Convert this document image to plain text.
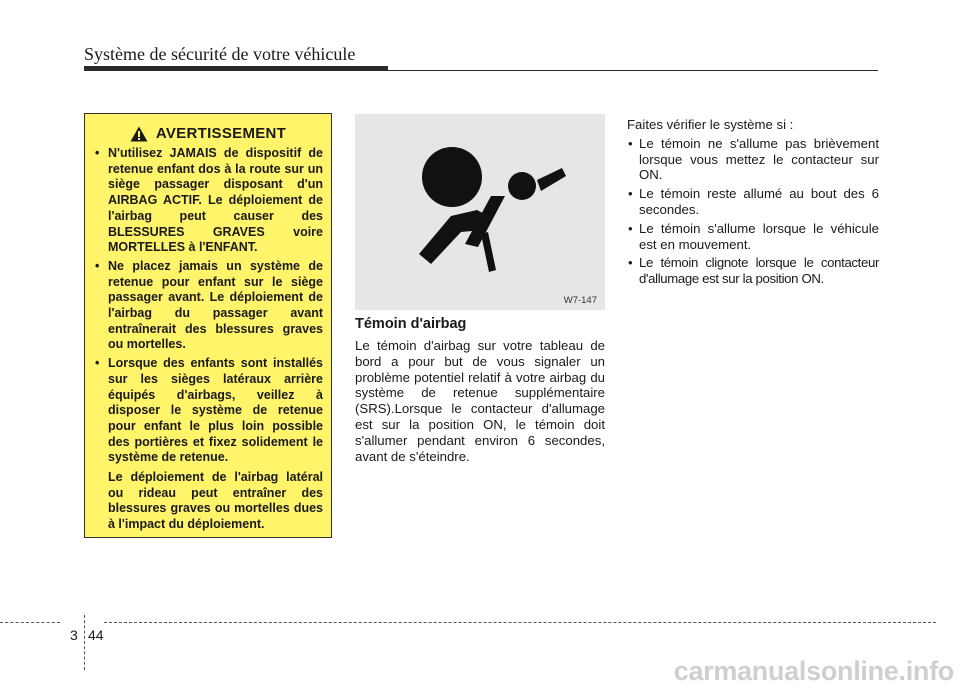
Système de sécurité de votre véhicule
AVERTISSEMENT
• N'utilisez JAMAIS de dispositif de retenue enfant dos à la route sur un siège passager disposant d'un AIRBAG ACTIF. Le déploiement de l'airbag peut causer des BLESSURES GRAVES voire MORTELLES à l'ENFANT.
• Ne placez jamais un système de retenue pour enfant sur le siège passager avant. Le déploiement de l'airbag du passager avant entraînerait des blessures graves ou mortelles.
• Lorsque des enfants sont installés sur les sièges latéraux arrière équipés d'airbags, veillez à disposer le système de retenue pour enfant le plus loin possible des portières et fixez solidement le système de retenue.
Le déploiement de l'airbag latéral ou rideau peut entraîner des blessures graves ou mortelles dues à l'impact du déploiement.
W7-147
Témoin d'airbag
Le témoin d'airbag sur votre tableau de bord a pour but de vous signaler un problème potentiel relatif à votre airbag du système de retenue supplémentaire (SRS).Lorsque le contacteur d'allumage est sur la position ON, le témoin doit s'allumer pendant environ 6 secondes, avant de s'éteindre.
Faites vérifier le système si :
• Le témoin ne s'allume pas brièvement lorsque vous mettez le contacteur sur ON.
• Le témoin reste allumé au bout des 6 secondes.
• Le témoin s'allume lorsque le véhicule est en mouvement.
• Le témoin clignote lorsque le contacteur d'allumage est sur la position ON.
3 44
carmanualsonline.info
